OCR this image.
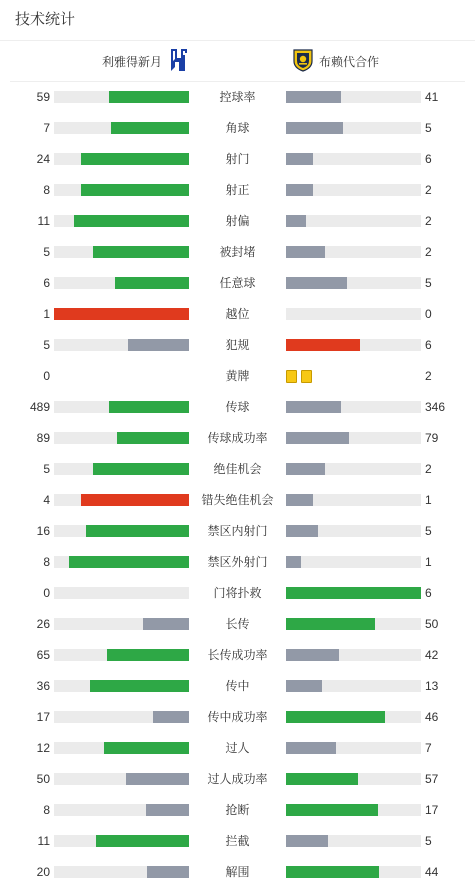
技术统计
利雅得新月	布赖代合作
59	控球率	41
7	角球	5
24	射门	6
8	射正	2
11	射偏	2
5	被封堵	2
6	任意球	5
1	越位	0
5	犯规	6
0	黄牌	2
489	传球	346
89	传球成功率	79
5	绝佳机会	2
4	错失绝佳机会	1
16	禁区内射门	5
8	禁区外射门	1
0	门将扑救	6
26	长传	50
65	长传成功率	42
36	传中	13
17	传中成功率	46
12	过人	7
50	过人成功率	57
8	抢断	17
11	拦截	5
20	解围	44
